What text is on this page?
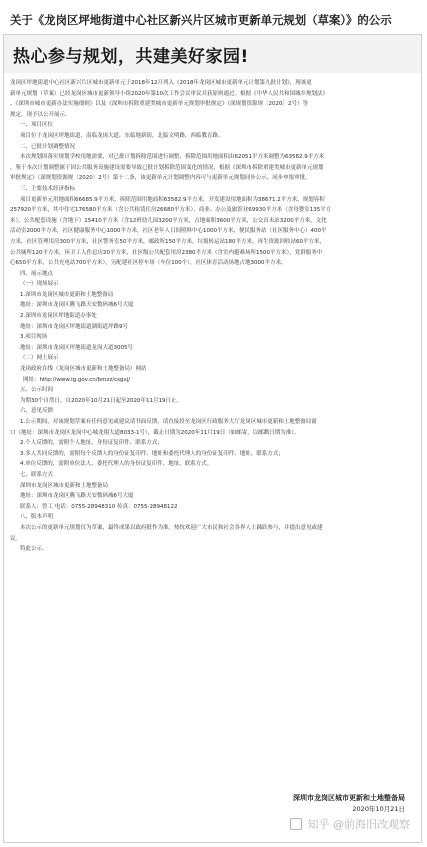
关于《龙岗区坪地街道中心社区新兴片区城市更新单元规划（草案）》的公示
热心参与规划，共建美好家园!

龙岗区坪地街道中心社区新兴片区城市更新单元于2018年12月列入《2018年龙岗区城市更新单元计划第九批计划》，现该更

新单元规划（草案）已经龙岗区城市更新领导小组2020年第10次工作会议审议并获原则通过。根据《中华人民共和国城乡规划法》

、《深圳市城市更新办法实施细则》以及《深圳市拆除重建类城市更新单元规划审批规定》（深规划资源规〔2020〕2号）等

规定，现予以公开展示。

一、项目区位

项目位于龙岗区坪地街道，南临龙岗大道，东临地新街，北临文明路，西临教育路。

二、已批计划调整情况

本次规划因落实规划学校用地需要，对已批计划拆除范围进行调整，拆除范围用地面积由62051平方米调整为63582.9平方米

，鉴于本次计划调整属于因公共服务设施建设需要导致已批计划拆除范围变化的情况，根据《深圳市拆除重建类城市更新单元规划

审批规定》（深规划资源规〔2020〕2号）第十二条，该更新单元计划调整内容可与更新单元规划同步公示、同步申报审批。

三、主要技术经济指标

项目更新单元用地面积66685.9平方米，拆除范围用地面积63582.9平方米，开发建设用地面积为38671.2平方米，规划容积

257920平方米，其中住宅176580平方米（含公共租赁住房26680平方米）、商业、办公及旅馆业69930平方米（含母婴室135平方

米），公共配套设施（含地下）15410平方米（含12班幼儿园3200平方米，占地面积3600平方米，公交首末站3200平方米，文化

活动室2000平方米，社区健康服务中心1000平方米，社区老年人日间照料中心1000平方米，便民服务站（社区服务中心）400平

方米，社区管理用房300平方米，社区警务室50平方米，邮政所150平方米，垃圾转运站180平方米，再生资源回收站60平方米，

公共厕所120平方米，环卫工人作息房20平方米，社区级公共配套用房2380平方米（含室内避难场所1500平方米），党群服务中

心650平方米，公共充电站700平方米），另配建社区停车场（车位100个），社区体育活动场地占地3000平方米。

四、展示地点

（一）现场展示

1.深圳市龙岗区城市更新和土地整备局

地址：深圳市龙岗区腾飞路天安数码城6号大厦

2.深圳市龙岗区坪地街道办事处

地址：深圳市龙岗区坪地街道湖街道坪路9号

3.项目现场

地址：深圳市龙岗区坪地街道龙岗大道3005号

（二）网上展示

龙岗政府在线（龙岗区城市更新和土地整备局）网站

网址：http://www.lg.gov.cn/bmzz/csgxj/

五、公示时间

为期30个自然日，自2020年10月21日起至2020年11月19日止。

六、意见反馈

1.公示期间，对该规划草案有任何意见或建议请书面反馈，请直接投至龙岗区行政服务大厅龙岗区城市更新和土地整备局窗

口（地址：深圳市龙岗区龙岗中心城龙翔大道8033-1号），截止日期为2020年11月19日（如邮寄，以邮戳日期为准）。

2.个人反馈的，需附个人地址、身份证复印件、联系方式；

3.多人共同反馈的，需附每个反馈人的身份证复印件、地址和委托代理人的身份证复印件、地址、联系方式；

4.单位反馈的，需附单位法人、委托代理人的身份证复印件、地址、联系方式。

七、联系方式

深圳市龙岗区城市更新和土地整备局

地址：深圳市龙岗区腾飞路天安数码城6号大厦

联系人：曾工 电话：0755-28948310 传真：0755-28948122

八、版本声明

本次公示的更新单元规划仅为草案，最终成果以政府批作为准。热忱欢迎广大市民和社会各界人士踊跃参与，并提出意见或建

议。

特此公示。

深圳市龙岗区城市更新和土地整备局
2020年10月21日
知乎 @前海旧改观察
